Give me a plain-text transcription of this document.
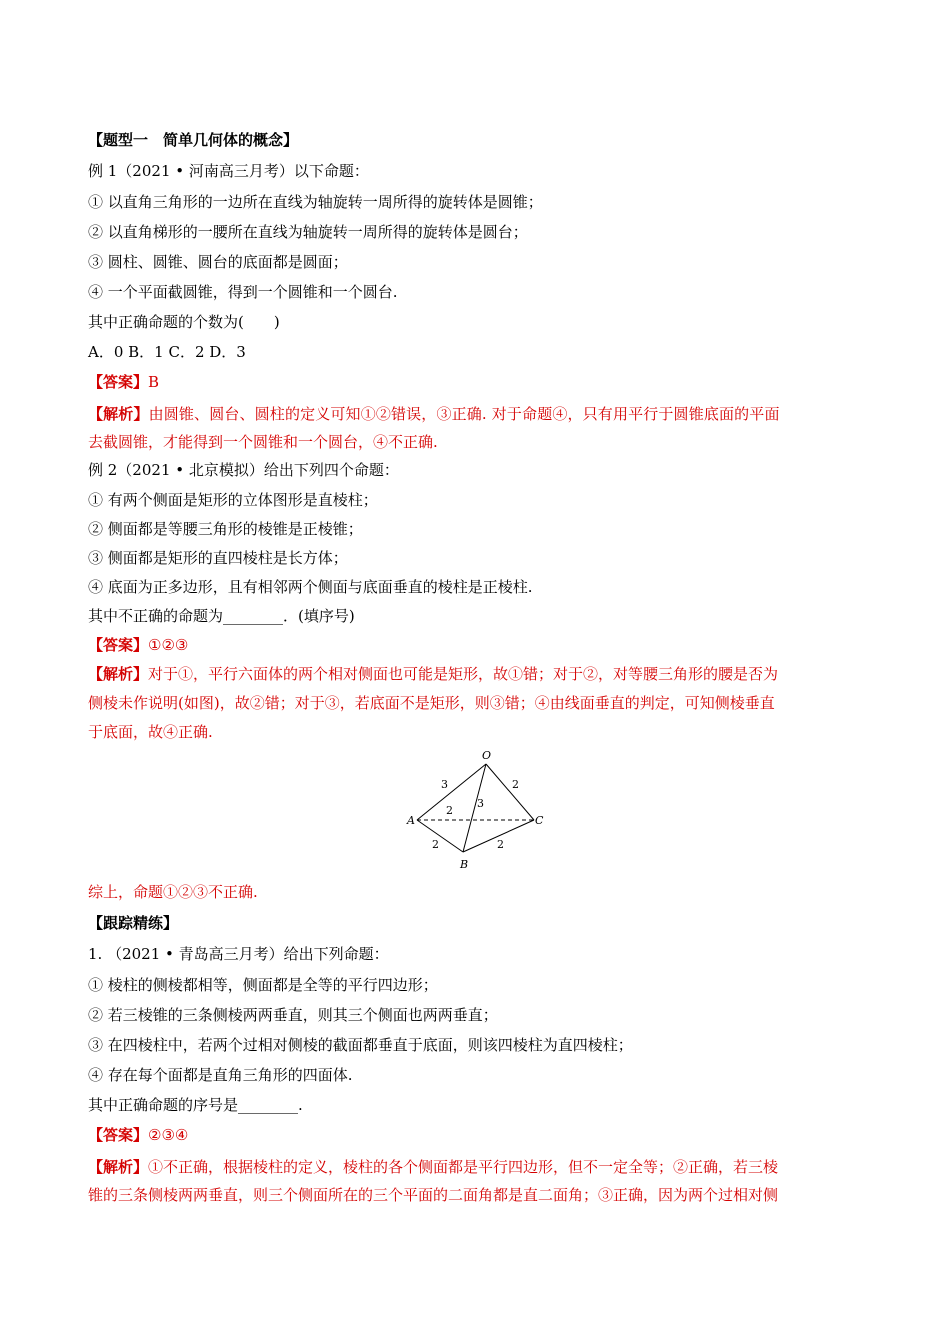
【题型一　简单几何体的概念】
例 1（2021 • 河南高三月考）以下命题：
① 以直角三角形的一边所在直线为轴旋转一周所得的旋转体是圆锥；
② 以直角梯形的一腰所在直线为轴旋转一周所得的旋转体是圆台；
③ 圆柱、圆锥、圆台的底面都是圆面；
④ 一个平面截圆锥，得到一个圆锥和一个圆台.
其中正确命题的个数为(　　)
A．0 B．1 C．2 D．3
【答案】B
【解析】由圆锥、圆台、圆柱的定义可知①②错误，③正确. 对于命题④，只有用平行于圆锥底面的平面
去截圆锥，才能得到一个圆锥和一个圆台，④不正确.
例 2（2021 • 北京模拟）给出下列四个命题：
① 有两个侧面是矩形的立体图形是直棱柱；
② 侧面都是等腰三角形的棱锥是正棱锥；
③ 侧面都是矩形的直四棱柱是长方体；
④ 底面为正多边形，且有相邻两个侧面与底面垂直的棱柱是正棱柱.
其中不正确的命题为________．(填序号)
【答案】①②③
【解析】对于①，平行六面体的两个相对侧面也可能是矩形，故①错；对于②，对等腰三角形的腰是否为
侧棱未作说明(如图)，故②错；对于③，若底面不是矩形，则③错；④由线面垂直的判定，可知侧棱垂直
于底面，故④正确.
O
A
B
C
3
2
2
3
2	2
综上，命题①②③不正确.
【跟踪精练】
1. （2021 • 青岛高三月考）给出下列命题：
① 棱柱的侧棱都相等，侧面都是全等的平行四边形；
② 若三棱锥的三条侧棱两两垂直，则其三个侧面也两两垂直；
③ 在四棱柱中，若两个过相对侧棱的截面都垂直于底面，则该四棱柱为直四棱柱；
④ 存在每个面都是直角三角形的四面体.
其中正确命题的序号是________.
【答案】②③④
【解析】①不正确，根据棱柱的定义，棱柱的各个侧面都是平行四边形，但不一定全等；②正确，若三棱
锥的三条侧棱两两垂直，则三个侧面所在的三个平面的二面角都是直二面角；③正确，因为两个过相对侧
